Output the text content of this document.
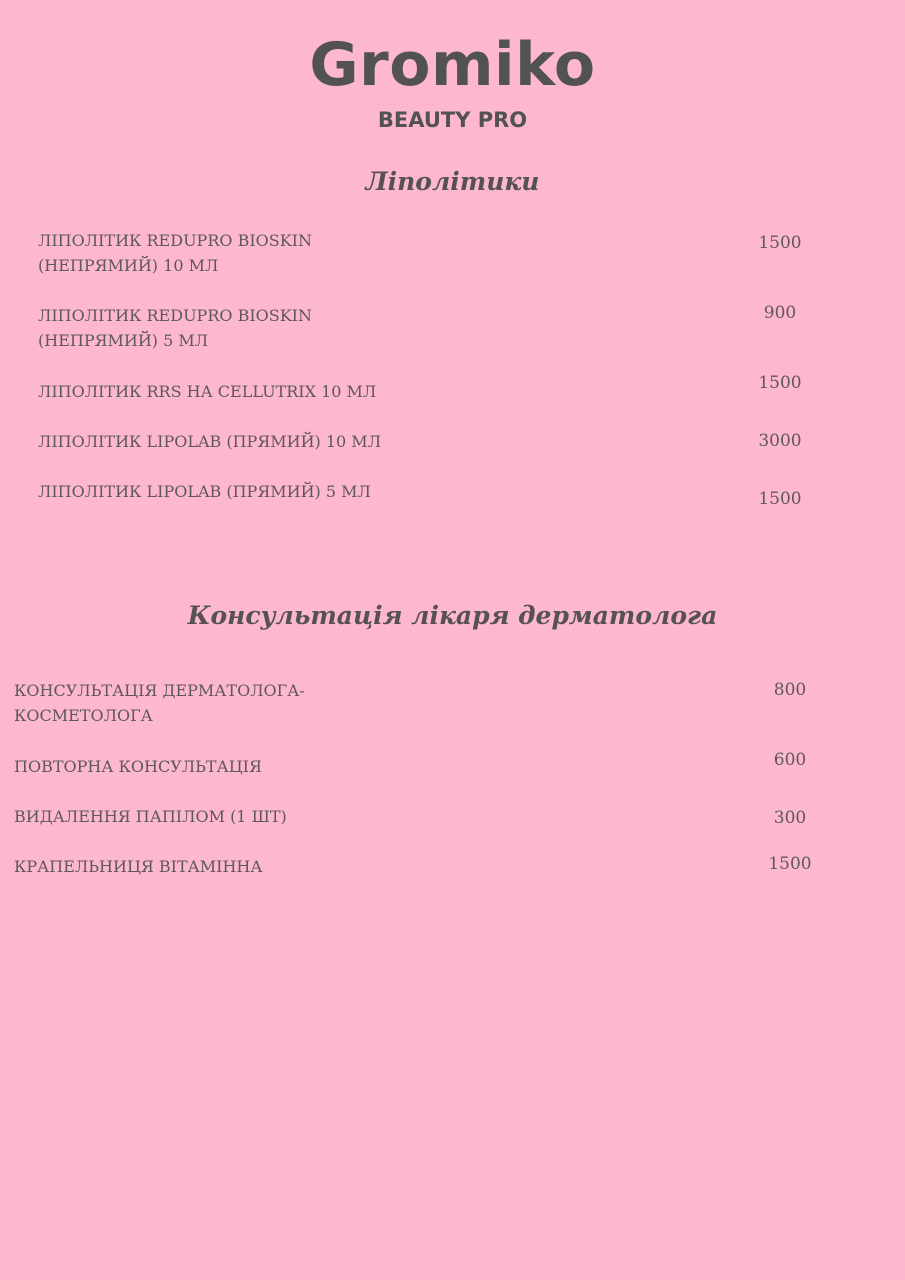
Gromiko
BEAUTY PRO
Ліполітики
ЛІПОЛІТИК REDUPRO BIOSKIN
(НЕПРЯМИЙ) 10 МЛ
1500
ЛІПОЛІТИК REDUPRO BIOSKIN
(НЕПРЯМИЙ) 5 МЛ
900
ЛІПОЛІТИК RRS НА CELLUTRIX 10 МЛ	1500
ЛІПОЛІТИК LIPOLAB (ПРЯМИЙ) 10 МЛ	3000
ЛІПОЛІТИК LIPOLAB (ПРЯМИЙ) 5 МЛ	1500
Консультація лікаря дерматолога
КОНСУЛЬТАЦІЯ ДЕРМАТОЛОГА-
КОСМЕТОЛОГА
800
ПОВТОРНА КОНСУЛЬТАЦІЯ	600
ВИДАЛЕННЯ ПАПІЛОМ (1 ШТ)	300
КРАПЕЛЬНИЦЯ ВІТАМІННА	1500
